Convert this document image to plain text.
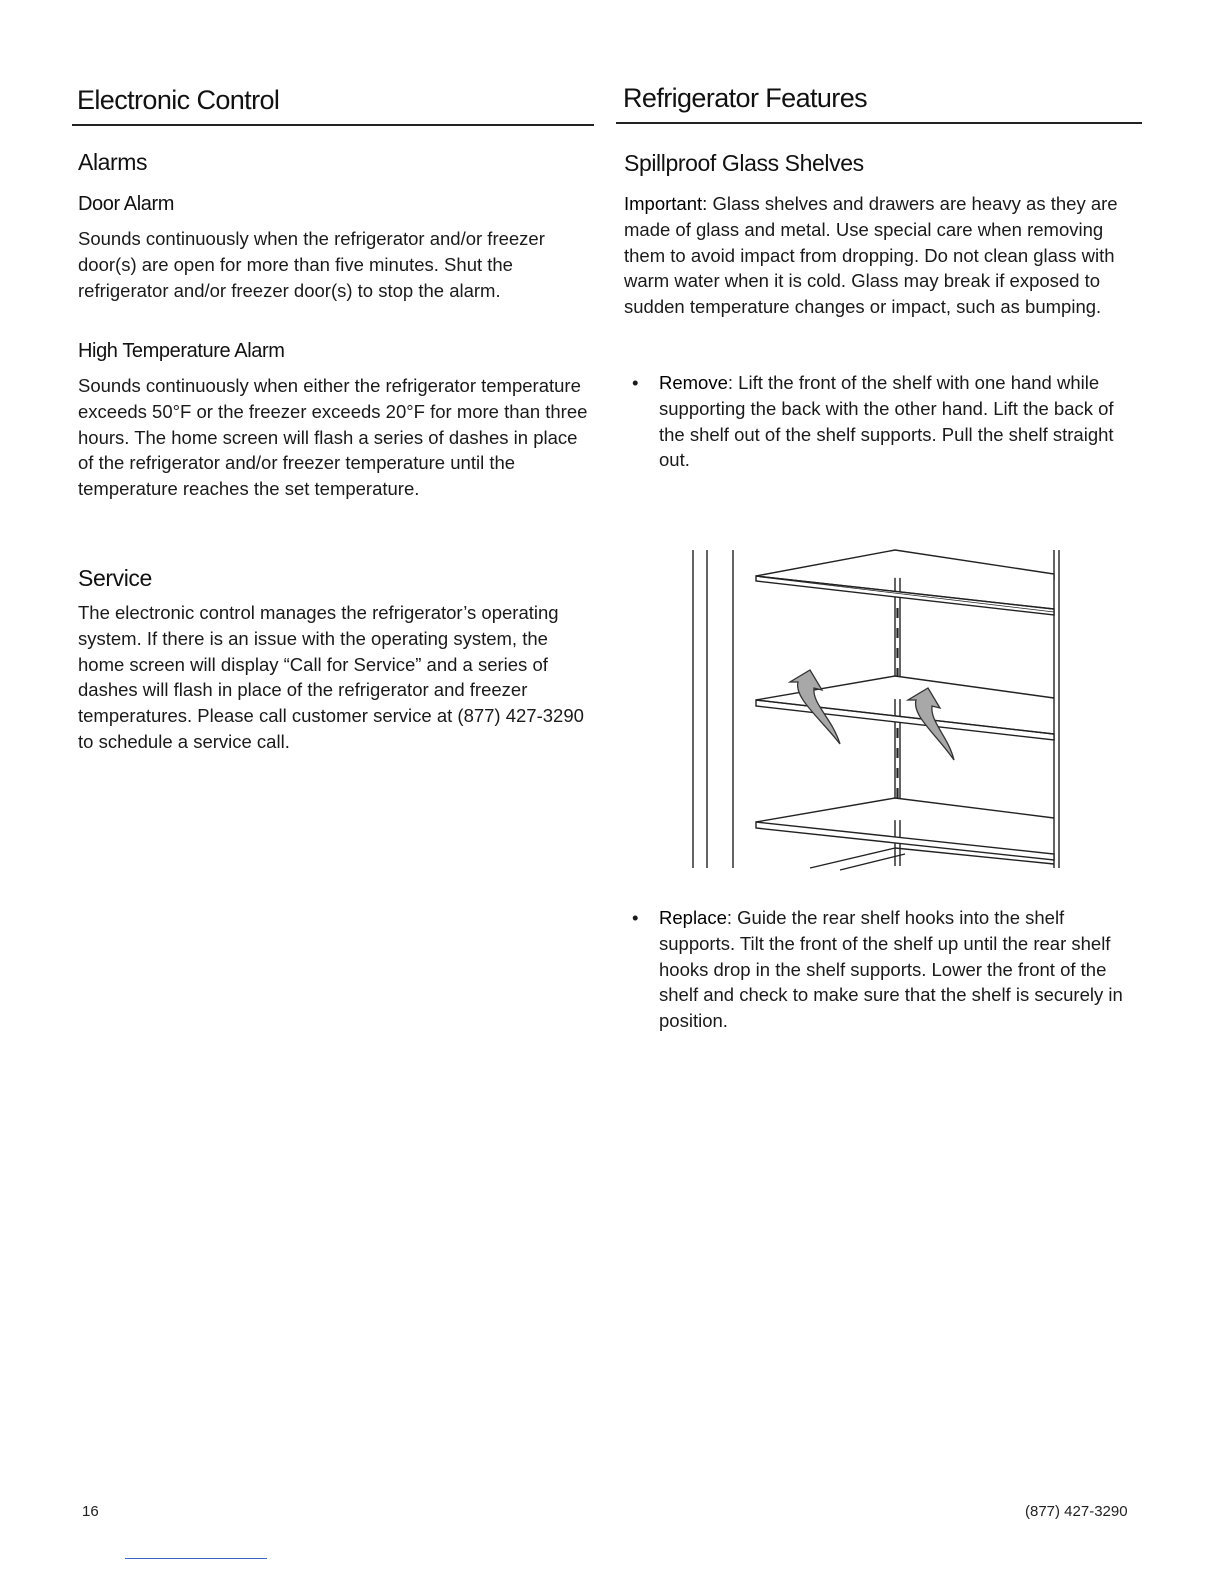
Electronic Control
Alarms
Door Alarm

Sounds continuously when the refrigerator and/or freezer door(s) are open for more than five minutes. Shut the refrigerator and/or freezer door(s) to stop the alarm.

High Temperature Alarm

Sounds continuously when either the refrigerator temperature exceeds 50°F or the freezer exceeds 20°F for more than three hours. The home screen will flash a series of dashes in place of the refrigerator and/or freezer temperature until the temperature reaches the set temperature.

Service

The electronic control manages the refrigerator’s operating system. If there is an issue with the operating system, the home screen will display “Call for Service” and a series of dashes will flash in place of the refrigerator and freezer temperatures. Please call customer service at (877) 427-3290 to schedule a service call.

Refrigerator Features
Spillproof Glass Shelves

Important: Glass shelves and drawers are heavy as they are made of glass and metal. Use special care when removing them to avoid impact from dropping. Do not clean glass with warm water when it is cold. Glass may break if exposed to sudden temperature changes or impact, such as bumping.

• Remove: Lift the front of the shelf with one hand while supporting the back with the other hand. Lift the back of the shelf out of the shelf supports. Pull the shelf straight out.
• Replace: Guide the rear shelf hooks into the shelf supports. Tilt the front of the shelf up until the rear shelf hooks drop in the shelf supports. Lower the front of the shelf and check to make sure that the shelf is securely in position.
16	(877) 427-3290
